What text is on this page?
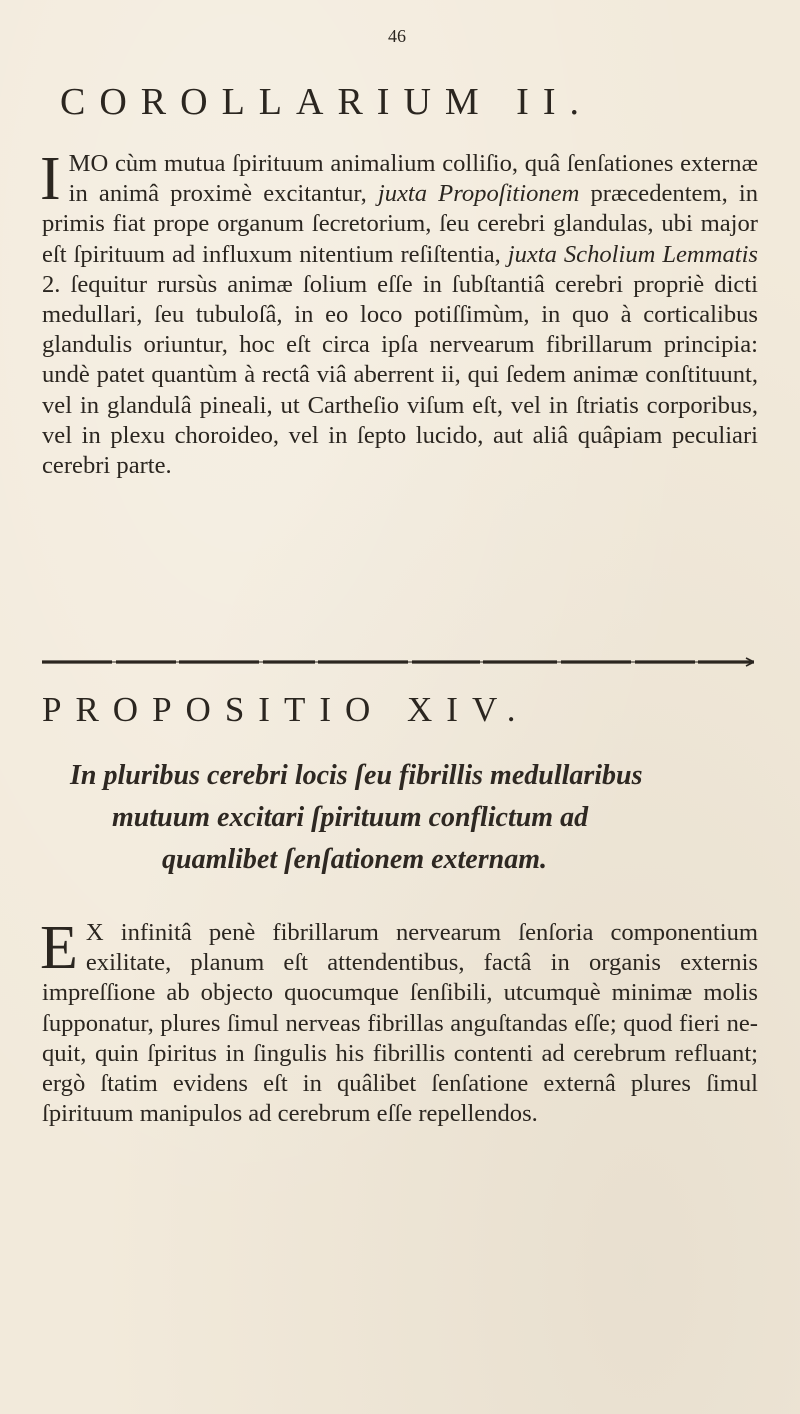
46
COROLLARIUM II.
IMO cùm mutua ſpirituum animalium colliſio, quâ ſenſationes externæ in animâ proximè excitantur, juxta Propoſitionem præcedentem, in primis fiat prope organum ſecretorium, ſeu cerebri glandulas, ubi major eſt ſpirituum ad influxum nitentium reſiſtentia, juxta Scholium Lemmatis 2. ſequitur rursùs animæ ſolium eſſe in ſubſtantiâ cerebri propriè dicti medullari, ſeu tubuloſâ, in eo loco potiſſimùm, in quo à corticalibus glandulis oriuntur, hoc eſt circa ipſa nervearum fibrillarum principia: undè patet quantùm à rectâ viâ aberrent ii, qui ſedem animæ conſtituunt, vel in glandulâ pineali, ut Cartheſio viſum eſt, vel in ſtriatis corporibus, vel in plexu choroideo, vel in ſepto lucido, aut aliâ quâpiam peculiari cerebri parte.
PROPOSITIO XIV.
In pluribus cerebri locis ſeu fibrillis medullaribus
mutuum excitari ſpirituum conflictum ad
quamlibet ſenſationem externam.
E X infinitâ penè fibrillarum nervearum ſenſoria componentium exilitate, planum eſt attendentibus, factâ in organis externis impreſſione ab objecto quocumque ſenſibili, utcumquè minimæ molis ſupponatur, plures ſimul nerveas fibrillas anguſtandas eſſe; quod fieri nequit, quin ſpiritus in ſingulis his fibrillis contenti ad cerebrum refluant; ergò ſtatim evidens eſt in quâlibet ſenſatione externâ plures ſimul ſpirituum manipulos ad cerebrum eſſe repellendos.
